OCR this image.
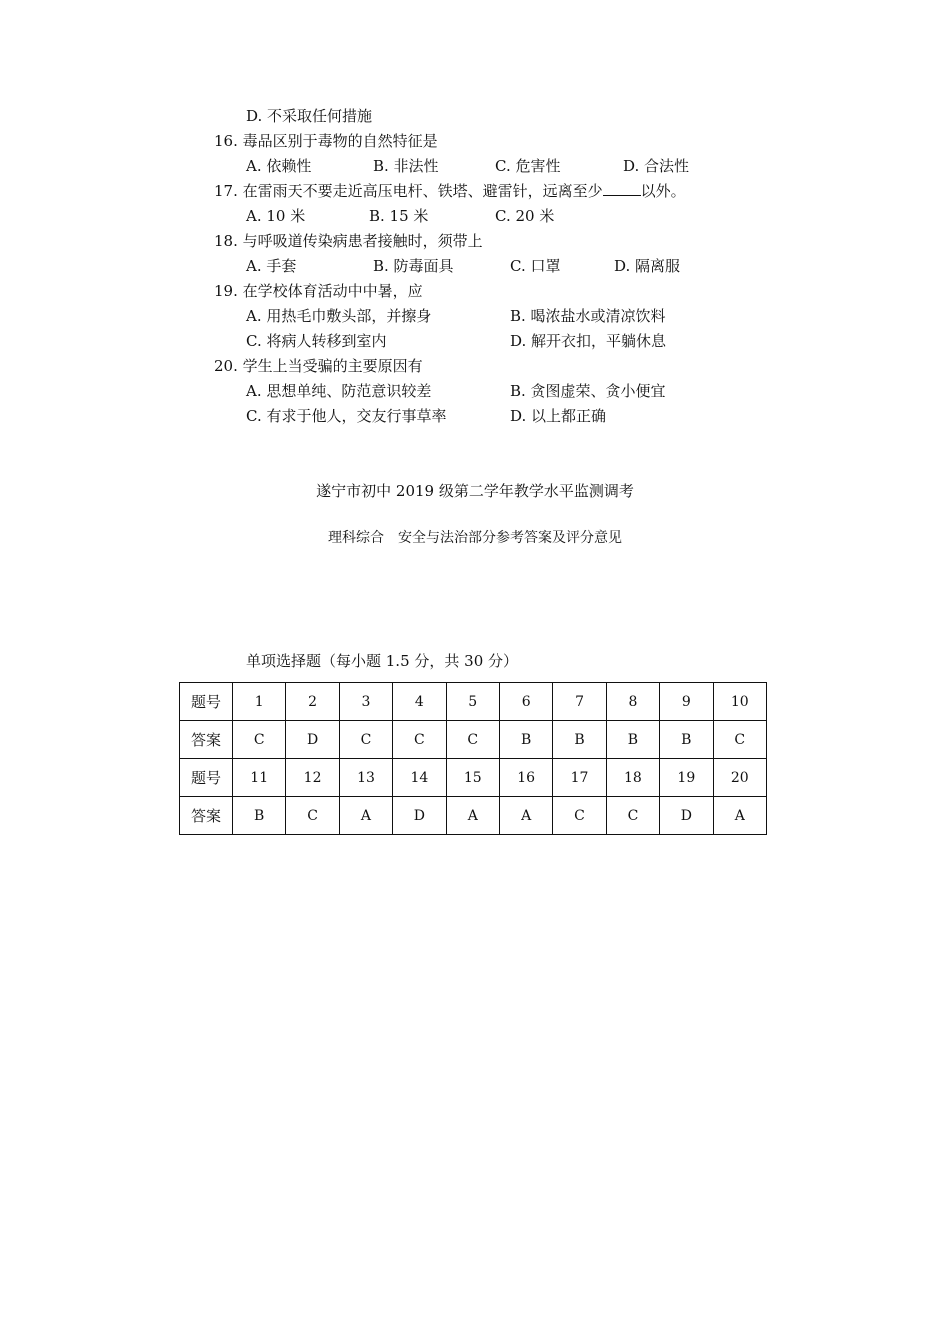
D. 不采取任何措施
16. 毒品区别于毒物的自然特征是
A. 依赖性	B. 非法性	C. 危害性	D. 合法性
17. 在雷雨天不要走近高压电杆、铁塔、避雷针，远离至少	以外。
A. 10 米	B. 15 米	C. 20 米
18. 与呼吸道传染病患者接触时，须带上
A. 手套	B. 防毒面具	C. 口罩	D. 隔离服
19. 在学校体育活动中中暑，应
A. 用热毛巾敷头部，并擦身	B. 喝浓盐水或清凉饮料
C. 将病人转移到室内	D. 解开衣扣，平躺休息
20. 学生上当受骗的主要原因有
A. 思想单纯、防范意识较差	B. 贪图虚荣、贪小便宜
C. 有求于他人，交友行事草率	D. 以上都正确
遂宁市初中 2019 级第二学年教学水平监测调考
理科综合　安全与法治部分参考答案及评分意见
单项选择题（每小题 1.5 分，共 30 分）
题号	1	2	3	4	5	6	7	8	9	10
答案	C	D	C	C	C	B	B	B	B	C
题号	11	12	13	14	15	16	17	18	19	20
答案	B	C	A	D	A	A	C	C	D	A
